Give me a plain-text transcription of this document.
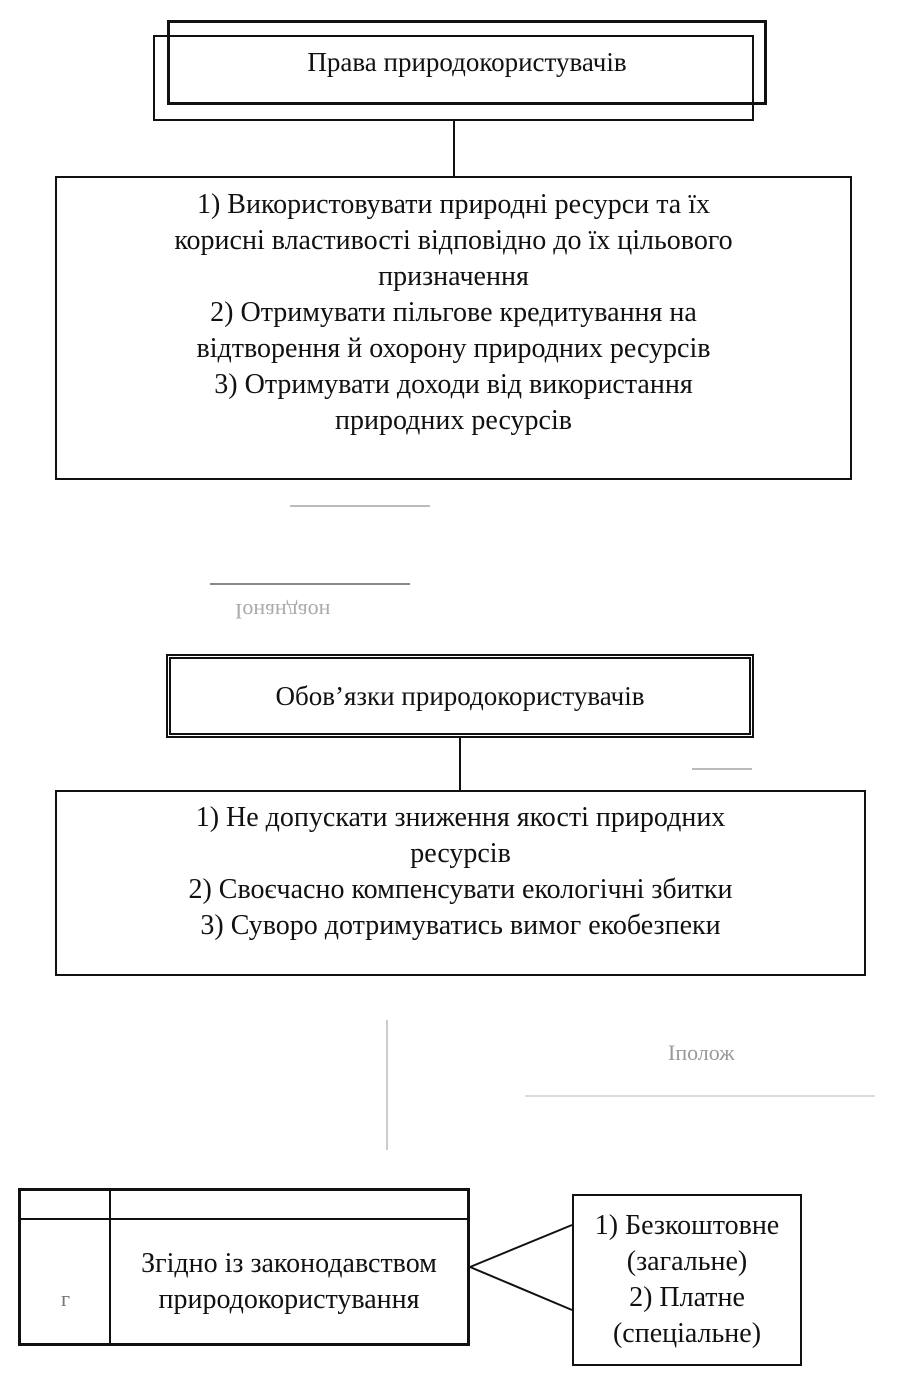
Права природокористувачів
1) Використовувати природні ресурси та їх
корисні властивості відповідно до їх цільового
призначення
2) Отримувати пільгове кредитування на
відтворення й охорону природних ресурсів
3) Отримувати доходи від використання
природних ресурсів
Іонандаон
Обов’язки природокористувачів
1) Не допускати зниження якості природних
ресурсів
2) Своєчасно компенсувати екологічні збитки
3) Суворо дотримуватись вимог екобезпеки
Іполож
г
Згідно із законодавством природокористування
1) Безкоштовне
(загальне)
2) Платне
(спеціальне)
